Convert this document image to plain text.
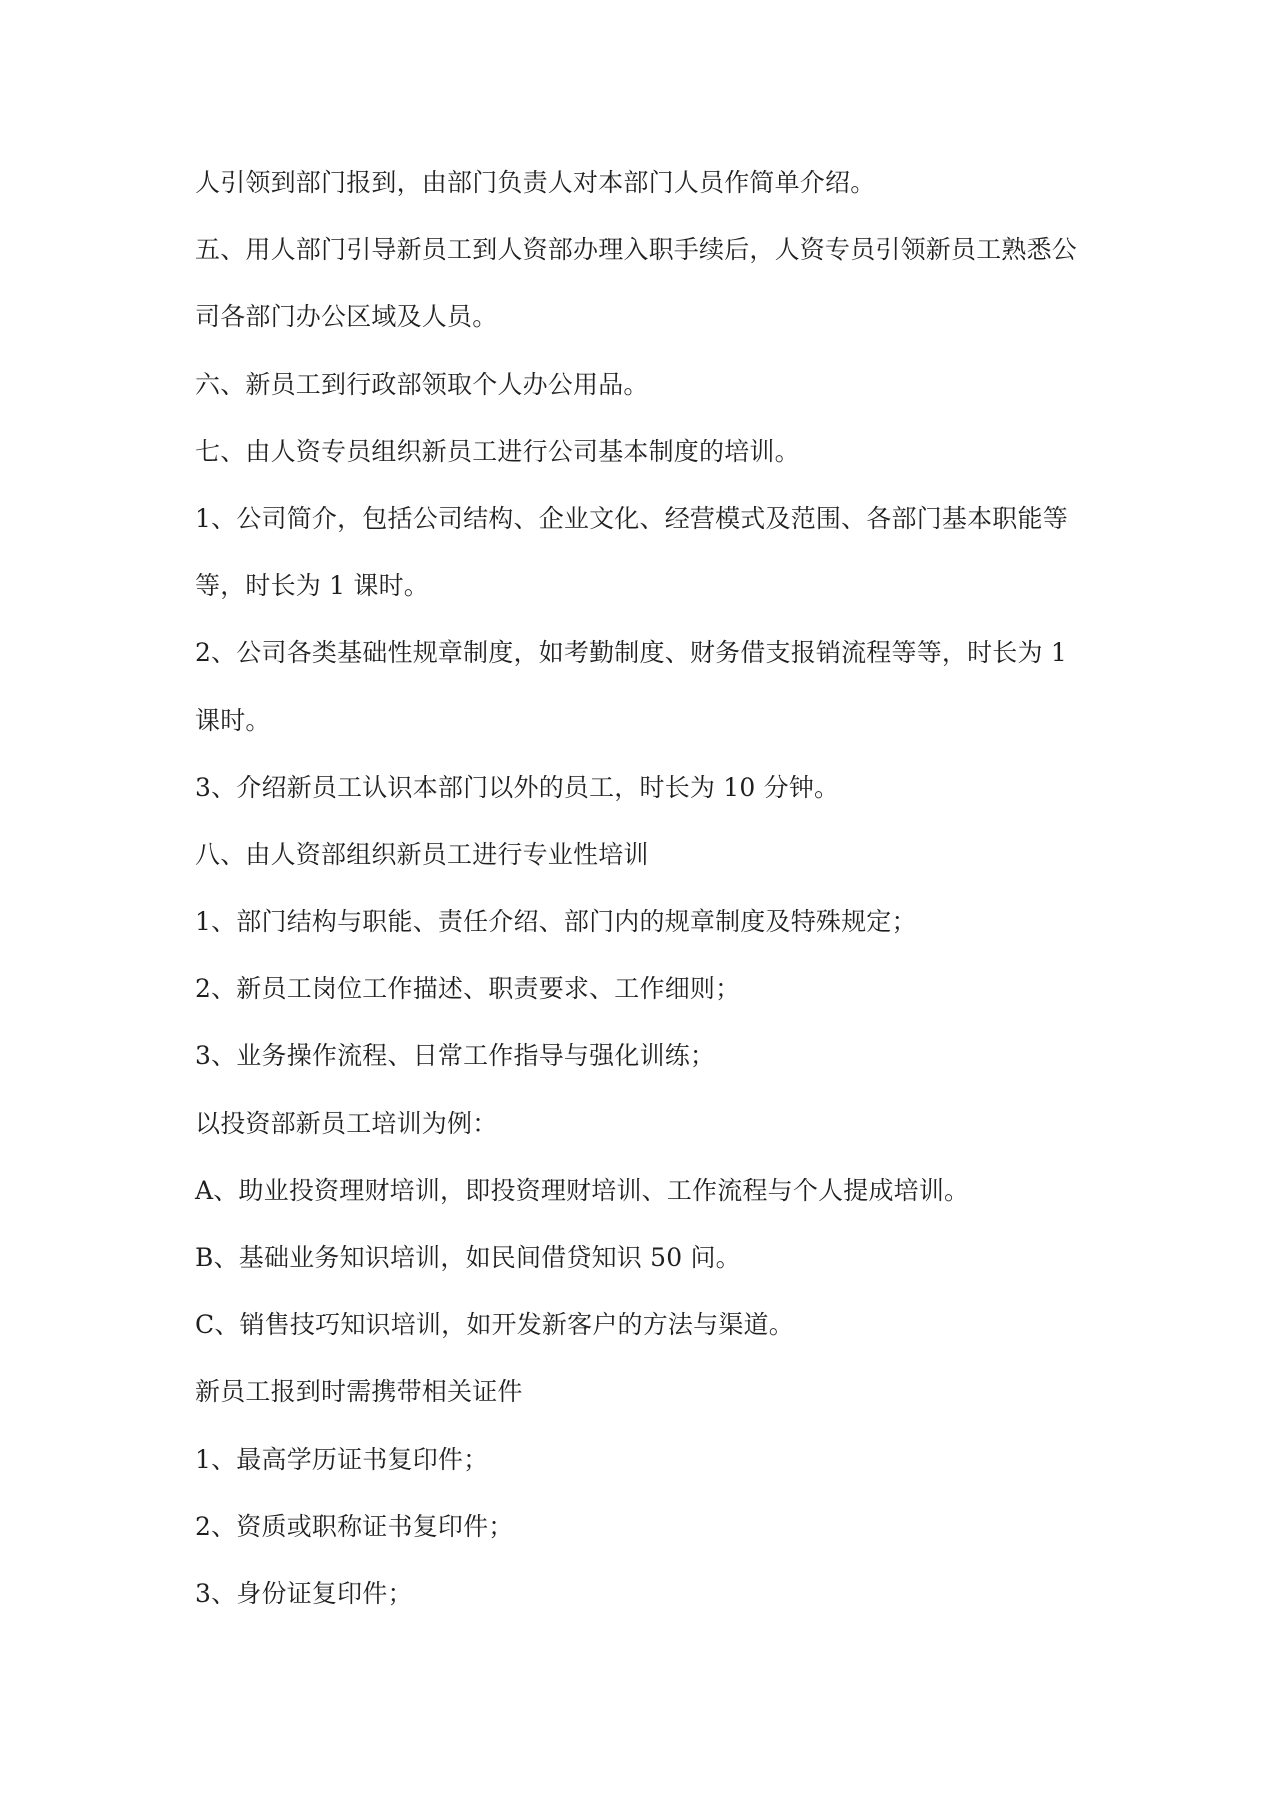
人引领到部门报到，由部门负责人对本部门人员作简单介绍。
五、用人部门引导新员工到人资部办理入职手续后，人资专员引领新员工熟悉公
司各部门办公区域及人员。
六、新员工到行政部领取个人办公用品。
七、由人资专员组织新员工进行公司基本制度的培训。
1、公司简介，包括公司结构、企业文化、经营模式及范围、各部门基本职能等
等，时长为 1 课时。
2、公司各类基础性规章制度，如考勤制度、财务借支报销流程等等，时长为 1
课时。
3、介绍新员工认识本部门以外的员工，时长为 10 分钟。
八、由人资部组织新员工进行专业性培训
1、部门结构与职能、责任介绍、部门内的规章制度及特殊规定；
2、新员工岗位工作描述、职责要求、工作细则；
3、业务操作流程、日常工作指导与强化训练；
以投资部新员工培训为例：
A、助业投资理财培训，即投资理财培训、工作流程与个人提成培训。
B、基础业务知识培训，如民间借贷知识 50 问。
C、销售技巧知识培训，如开发新客户的方法与渠道。
新员工报到时需携带相关证件
1、最高学历证书复印件；
2、资质或职称证书复印件；
3、身份证复印件；
